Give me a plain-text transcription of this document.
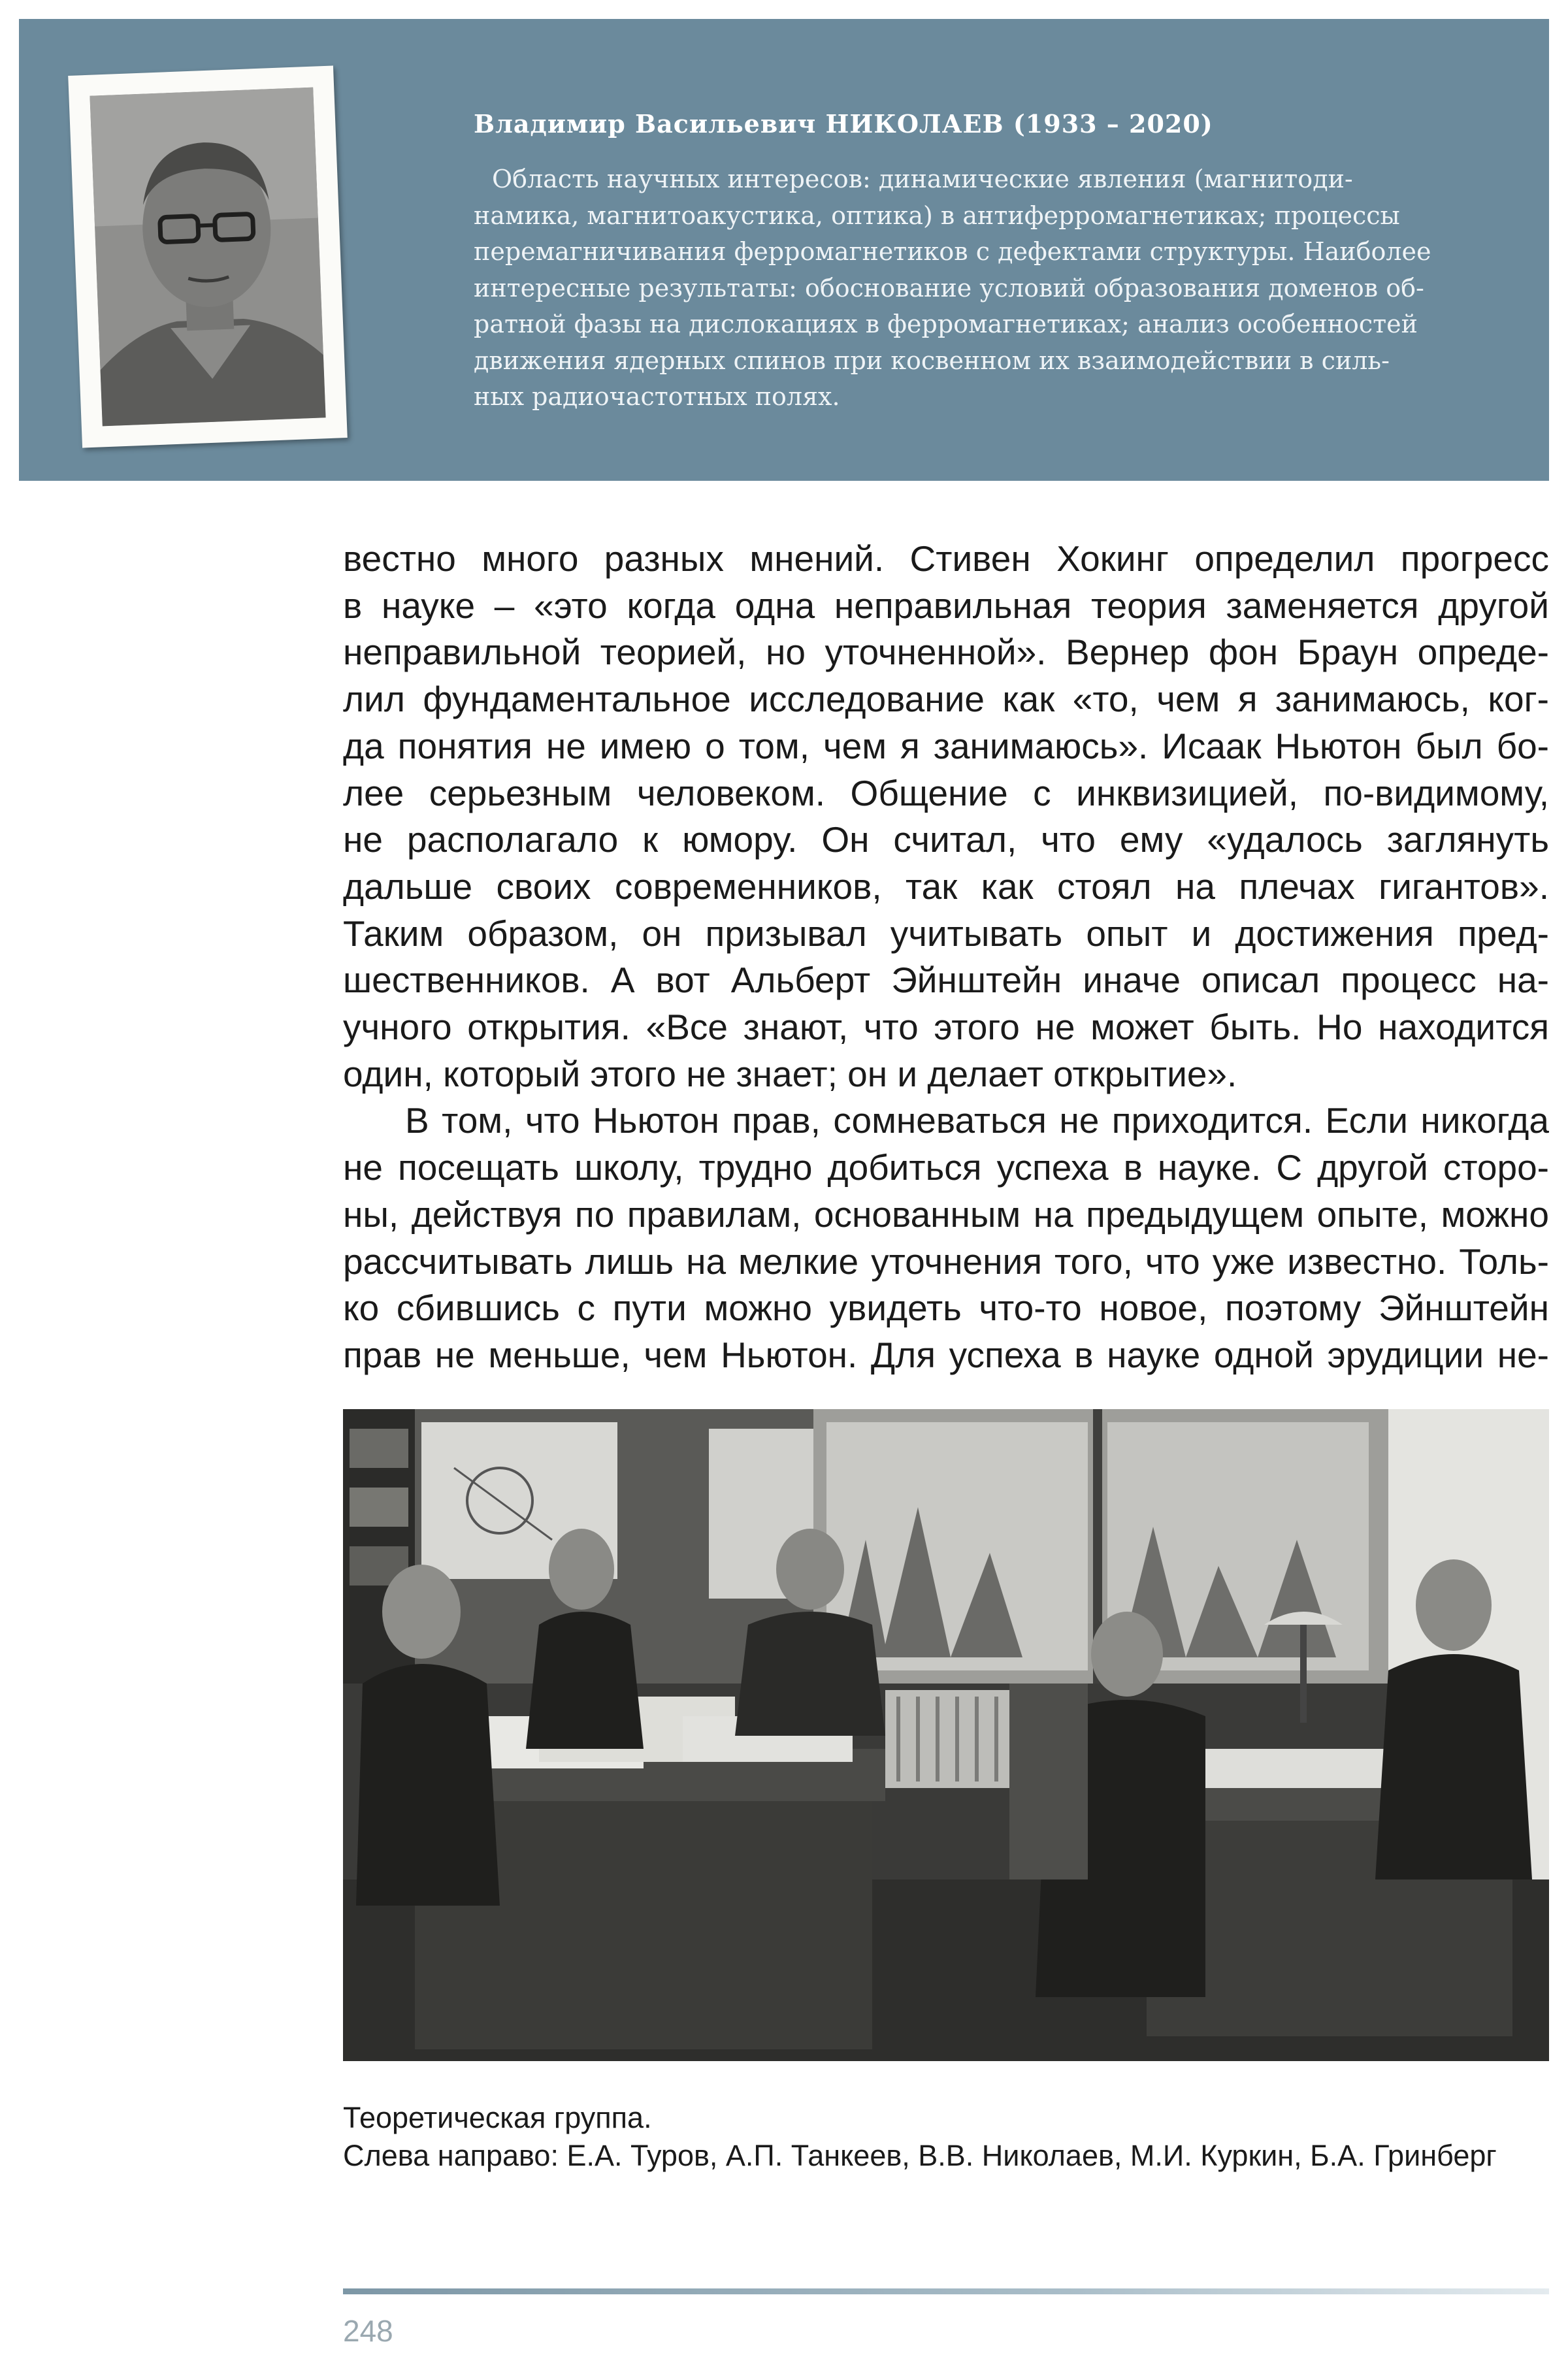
Владимир Васильевич НИКОЛАЕВ (1933 – 2020)
Область научных интересов: динамические явления (магнитоди-
намика, магнитоакустика, оптика) в антиферромагнетиках; процессы
перемагничивания ферромагнетиков с дефектами структуры. Наиболее
интересные результаты: обоснование условий образования доменов об-
ратной фазы на дислокациях в ферромагнетиках; анализ особенностей
движения ядерных спинов при косвенном их взаимодействии в силь-
ных радиочастотных полях.
вестно много разных мнений. Стивен Хокинг определил прогресс
в науке – «это когда одна неправильная теория заменяется другой
неправильной теорией, но уточненной». Вернер фон Браун опреде-
лил фундаментальное исследование как «то, чем я занимаюсь, ког-
да понятия не имею о том, чем я занимаюсь». Исаак Ньютон был бо-
лее серьезным человеком. Общение с инквизицией, по-видимому,
не располагало к юмору. Он считал, что ему «удалось заглянуть
дальше своих современников, так как стоял на плечах гигантов».
Таким образом, он призывал учитывать опыт и достижения пред-
шественников. А вот Альберт Эйнштейн иначе описал процесс на-
учного открытия. «Все знают, что этого не может быть. Но находится
один, который этого не знает; он и делает открытие».
В том, что Ньютон прав, сомневаться не приходится. Если никогда
не посещать школу, трудно добиться успеха в науке. С другой сторо-
ны, действуя по правилам, основанным на предыдущем опыте, можно
рассчитывать лишь на мелкие уточнения того, что уже известно. Толь-
ко сбившись с пути можно увидеть что-то новое, поэтому Эйнштейн
прав не меньше, чем Ньютон. Для успеха в науке одной эрудиции не-
Теоретическая группа.
Слева направо: Е.А. Туров, А.П. Танкеев, В.В. Николаев, М.И. Куркин, Б.А. Гринберг
248
